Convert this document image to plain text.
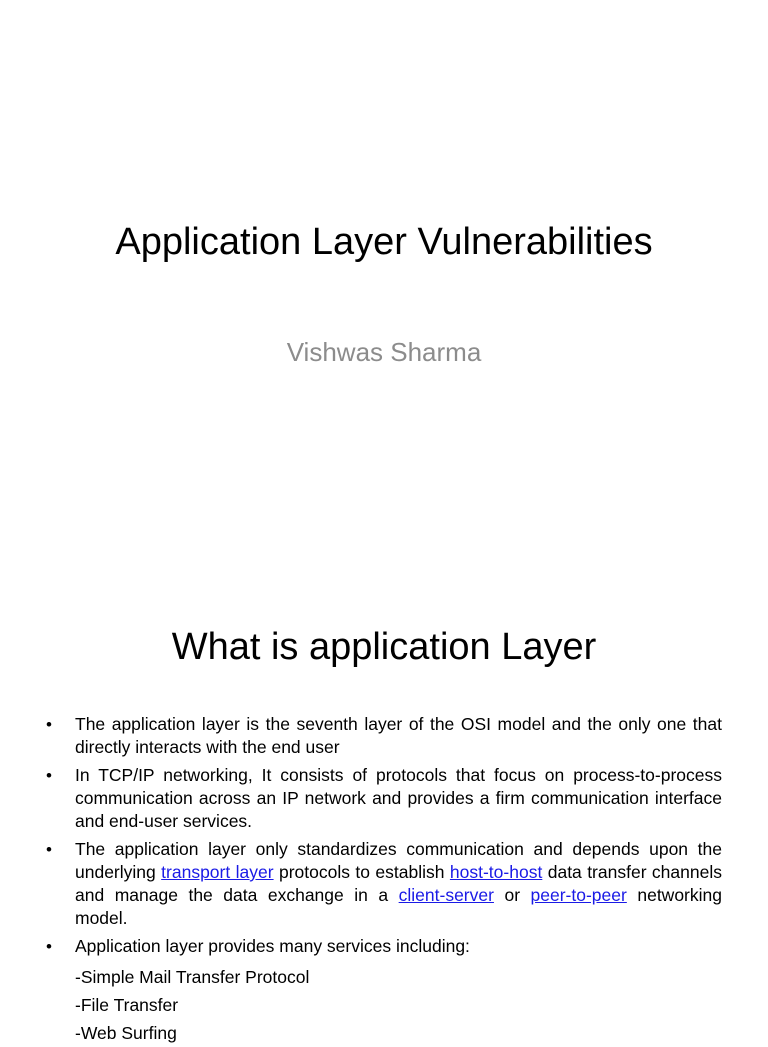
Application Layer Vulnerabilities
Vishwas Sharma
What is application Layer
•	The application layer is the seventh layer of the OSI model and the only one that directly interacts with the end user
•	In TCP/IP networking, It consists of protocols that focus on process-to-process communication across an IP network and provides a firm communication interface and end-user services.
•	The application layer only standardizes communication and depends upon the underlying transport layer protocols to establish host-to-host data transfer channels and manage the data exchange in a client-server or peer-to-peer networking model.
•	Application layer provides many services including:
-Simple Mail Transfer Protocol
-File Transfer
-Web Surfing
